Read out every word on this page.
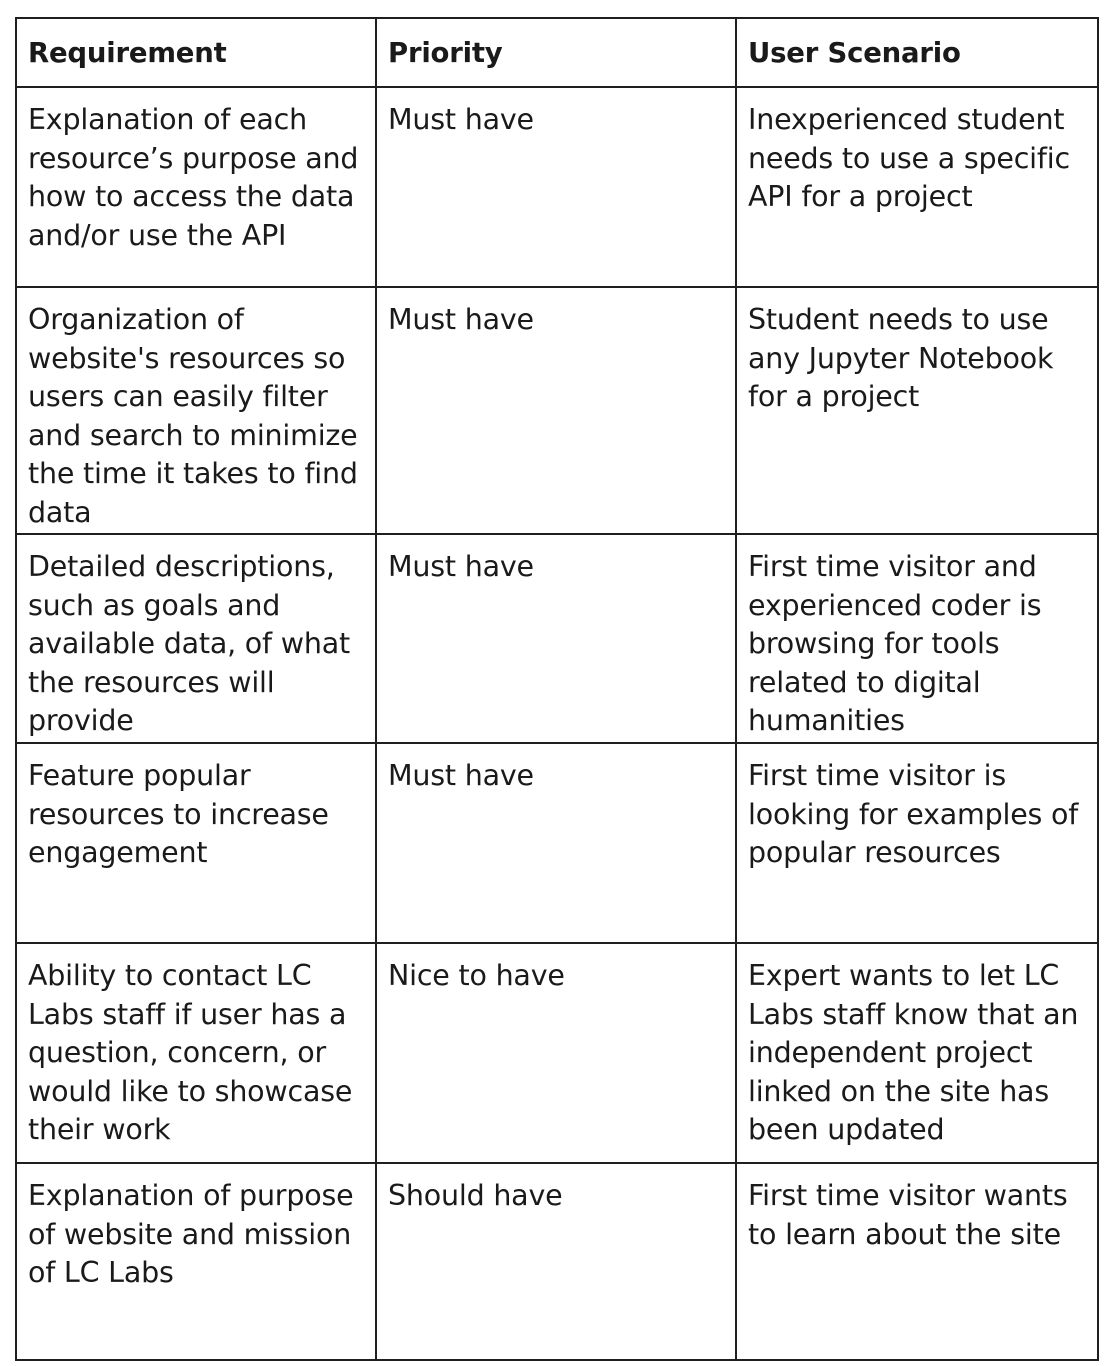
Requirement	Priority	User Scenario
Explanation of each resource’s purpose and how to access the data and/or use the API	Must have	Inexperienced student needs to use a specific API for a project
Organization of website's resources so users can easily filter and search to minimize the time it takes to find data	Must have	Student needs to use any Jupyter Notebook for a project
Detailed descriptions, such as goals and available data, of what the resources will provide	Must have	First time visitor and experienced coder is browsing for tools related to digital humanities
Feature popular resources to increase engagement	Must have	First time visitor is looking for examples of popular resources
Ability to contact LC Labs staff if user has a question, concern, or would like to showcase their work	Nice to have	Expert wants to let LC Labs staff know that an independent project linked on the site has been updated
Explanation of purpose of website and mission of LC Labs	Should have	First time visitor wants to learn about the site
